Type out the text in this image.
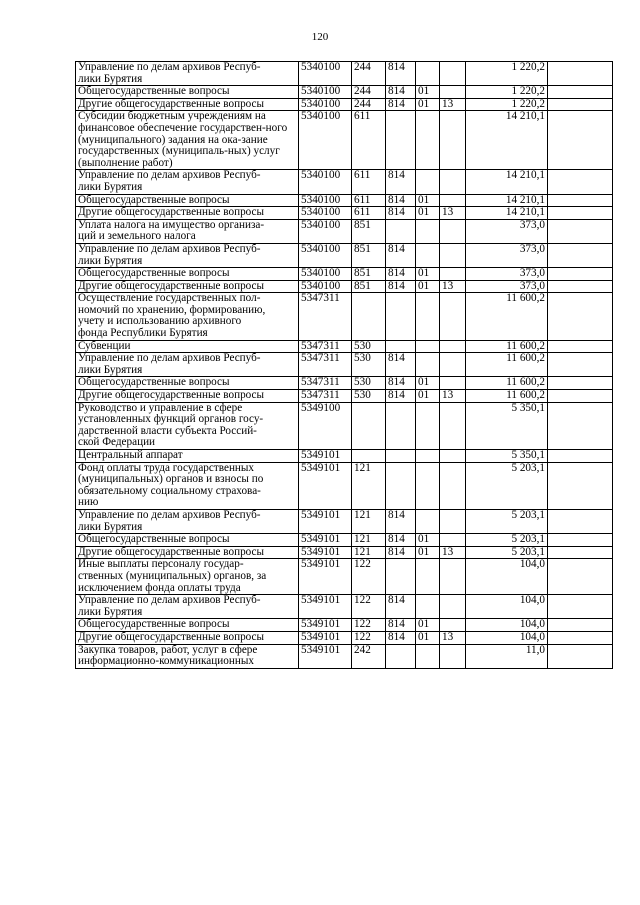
120
Управление по делам архивов Респуб-
лики Бурятия	5340100	244	814			1 220,2	
Общегосударственные вопросы	5340100	244	814	01		1 220,2	
Другие общегосударственные вопросы	5340100	244	814	01	13	1 220,2	
Субсидии бюджетным учреждениям на финансовое обеспечение государствен-ного (муниципального) задания на ока-зание государственных (муниципаль-ных) услуг (выполнение работ)	5340100	611				14 210,1	
Управление по делам архивов Респуб-
лики Бурятия	5340100	611	814			14 210,1	
Общегосударственные вопросы	5340100	611	814	01		14 210,1	
Другие общегосударственные вопросы	5340100	611	814	01	13	14 210,1	
Уплата налога на имущество организа-
ций и земельного налога	5340100	851				373,0	
Управление по делам архивов Респуб-
лики Бурятия	5340100	851	814			373,0	
Общегосударственные вопросы	5340100	851	814	01		373,0	
Другие общегосударственные вопросы	5340100	851	814	01	13	373,0	
Осуществление государственных пол-
номочий по хранению, формированию,
учету и использованию архивного
фонда Республики Бурятия	5347311					11 600,2	
Субвенции	5347311	530				11 600,2	
Управление по делам архивов Респуб-
лики Бурятия	5347311	530	814			11 600,2	
Общегосударственные вопросы	5347311	530	814	01		11 600,2	
Другие общегосударственные вопросы	5347311	530	814	01	13	11 600,2	
Руководство и управление в сфере
установленных функций органов госу-
дарственной власти субъекта Россий-
ской Федерации	5349100					5 350,1	
Центральный аппарат	5349101					5 350,1	
Фонд оплаты труда государственных
(муниципальных) органов и взносы по
обязательному социальному страхова-
нию	5349101	121				5 203,1	
Управление по делам архивов Респуб-
лики Бурятия	5349101	121	814			5 203,1	
Общегосударственные вопросы	5349101	121	814	01		5 203,1	
Другие общегосударственные вопросы	5349101	121	814	01	13	5 203,1	
Иные выплаты персоналу государ-
ственных (муниципальных) органов, за
исключением фонда оплаты труда	5349101	122				104,0	
Управление по делам архивов Респуб-
лики Бурятия	5349101	122	814			104,0	
Общегосударственные вопросы	5349101	122	814	01		104,0	
Другие общегосударственные вопросы	5349101	122	814	01	13	104,0	
Закупка товаров, работ, услуг в сфере
информационно-коммуникационных	5349101	242				11,0	
